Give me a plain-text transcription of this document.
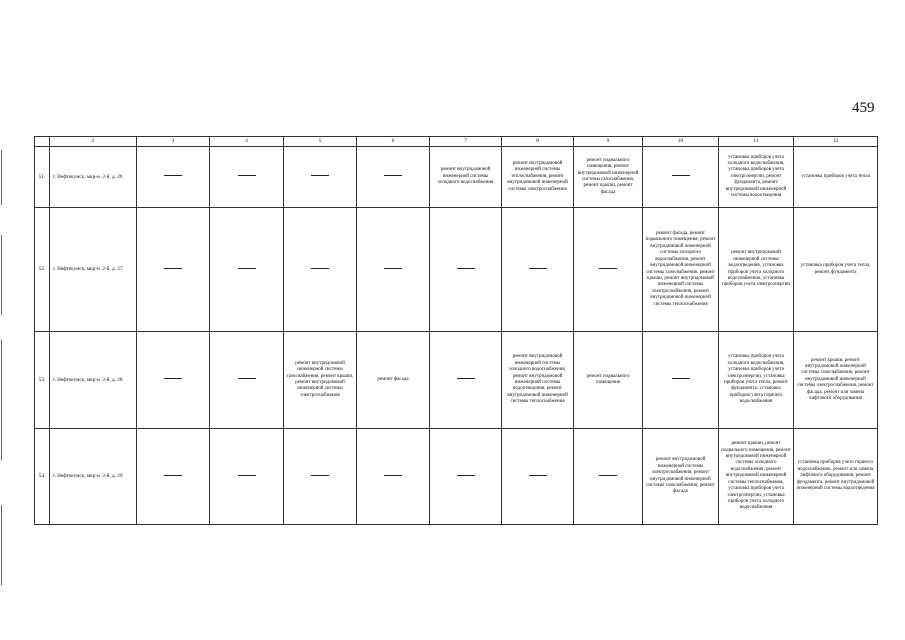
459
	2	3	4	5	6	7	8	9	10	11	12
51.	г. Нефтекумск, мкр-н. 2-й, д. 26					ремонт внутридомовой инженерной системы холодного водоснабжения	ремонт внутридомовой инженерной системы теплоснабжения, ремонт внутридомовой инженерной системы электроснабжения	ремонт подвального помещения, ремонт внутридомовой инженерной системы газоснабжения, ремонт крыши, ремонт фасада		установка приборов учета холодного водоснабжения, установка приборов учета электроэнергии, ремонт фундамента, ремонт внутридомовой инженерной системы водоотведения	установка приборов учета тепла
52.	г. Нефтекумск, мкр-н. 2-й, д. 27								ремонт фасада, ремонт подвального помещения, ремонт внутридомовой инженерной системы холодного водоснабжения, ремонт внутридомовой инженерной системы газоснабжения, ремонт крыши, ремонт внутридомовой инженерной системы электроснабжения, ремонт внутридомовой инженерной системы теплоснабжения	ремонт внутридомовой инженерной системы водоотведения, установка приборов учета холодного водоснабжения, установка приборов учета электроэнергии	установка приборов учета тепла, ремонт фундамента
53.	г. Нефтекумск, мкр-н. 2-й, д. 28			ремонт внутридомовой инженерной системы газоснабжения, ремонт крыши, ремонт внутридомовой инженерной системы электроснабжения	ремонт фасада		ремонт внутридомовой инженерной системы холодного водоснабжения, ремонт внутридомовой инженерной системы водоотведения, ремонт внутридомовой инженерной системы теплоснабжения	ремонт подвального помещения		установка приборов учета холодного водоснабжения, установка приборов учета электроэнергии, установка приборов учета тепла, ремонт фундамента, установка приборов учета горячего водоснабжения	ремонт крыши, ремонт внутридомовой инженерной системы газоснабжения, ремонт внутридомовой инженерной системы электроснабжения, ремонт фасада, ремонт или замена лифтового оборудования
54.	г. Нефтекумск, мкр-н. 2-й, д. 29								ремонт внутридомовой инженерной системы электроснабжения, ремонт внутридомовой инженерной системы газоснабжения, ремонт фасада	ремонт крыши, ремонт подвального помещения, ремонт внутридомовой инженерной системы холодного водоснабжения, ремонт внутридомовой инженерной системы теплоснабжения, установка приборов учета электроэнергии, установка приборов учета холодного водоснабжения	установка приборов учета горячего водоснабжения, ремонт или замена лифтового оборудования, ремонт фундамента, ремонт внутридомовой инженерной системы водоотведения
